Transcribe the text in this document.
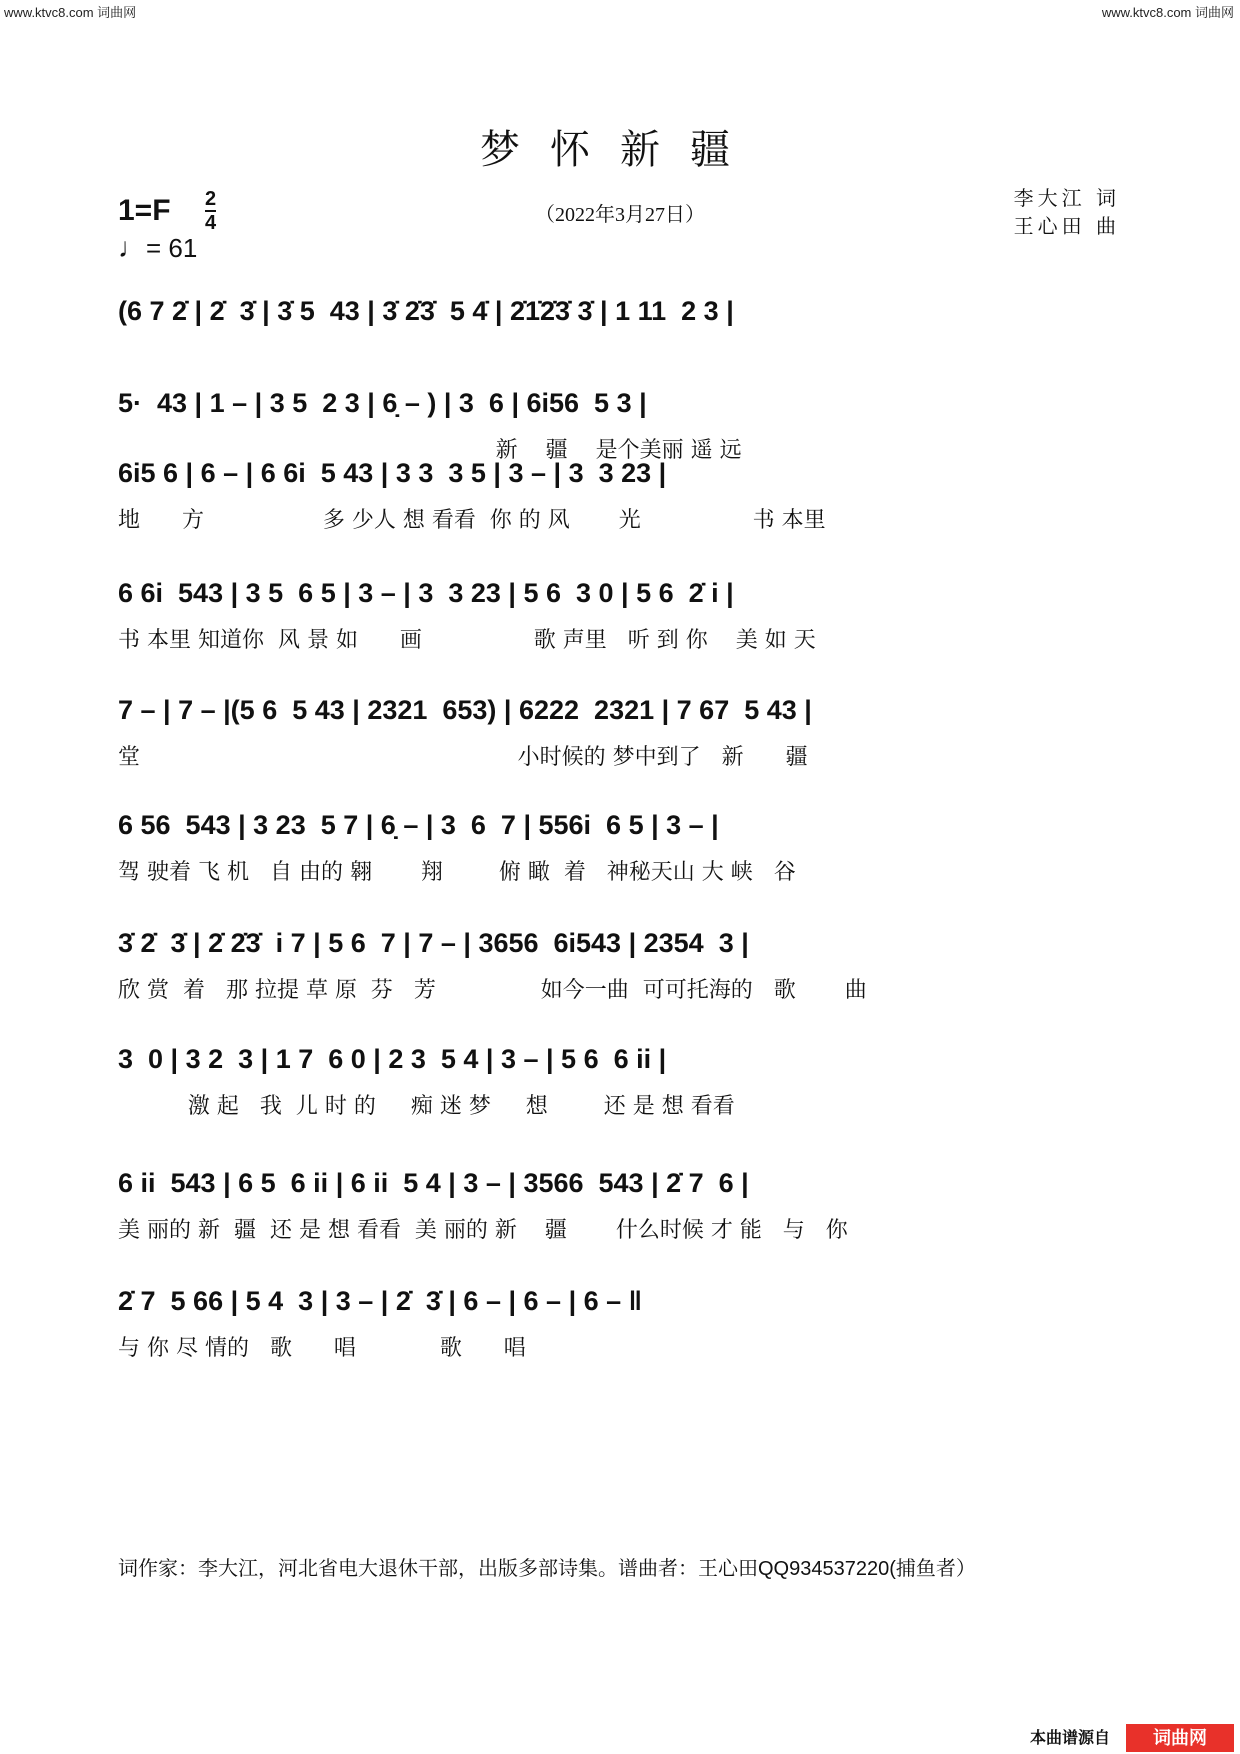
www.ktvc8.com 词曲网	www.ktvc8.com 词曲网
梦怀新疆
1=F 2
4
♩= 61
（2022年3月27日）
李大江 词
王心田 曲
(6 7 2̇ | 2̇  3̇ | 3̇ 5  43 | 3̇ 2̇3̇  5 4̇ | 2̇1̇2̇3̇ 3̇ | 1 11  2 3 |
5·  43 | 1 – | 3 5  2 3 | 6̣ – ) | 3  6 | 6i56  5 3 |
新    疆    是个美丽 遥 远
6i5 6 | 6 – | 6 6i  5 43 | 3 3  3 5 | 3 – | 3  3 23 |
地      方                 多 少人 想 看看  你 的 风       光                书 本里
6 6i  543 | 3 5  6 5 | 3 – | 3  3 23 | 5 6  3 0 | 5 6  2̇ i |
书 本里 知道你  风 景 如      画                歌 声里   听 到 你    美 如 天
7 – | 7 – |(5 6  5 43 | 2321  653) | 6222  2321 | 7 67  5 43 |
堂                                                      小时候的 梦中到了   新      疆
6 56  543 | 3 23  5 7 | 6̣ – | 3  6  7 | 556i  6 5 | 3 – |
驾 驶着 飞 机   自 由的 翱       翔        俯 瞰  着   神秘天山 大 峡   谷
3̇ 2̇  3̇ | 2̇ 2̇3̇  i 7 | 5 6  7 | 7 – | 3656  6i543 | 2354  3 |
欣 赏  着   那 拉提 草 原  芬   芳               如今一曲  可可托海的   歌       曲
3  0 | 3 2  3 | 1 7  6 0 | 2 3  5 4 | 3 – | 5 6  6 ii |
激 起   我  儿 时 的     痴 迷 梦     想        还 是 想 看看
6 ii  543 | 6 5  6 ii | 6 ii  5 4 | 3 – | 3566  543 | 2̇ 7  6 |
美 丽的 新  疆  还 是 想 看看  美 丽的 新    疆       什么时候 才 能   与   你
2̇ 7  5 66 | 5 4  3 | 3 – | 2̇  3̇ | 6 – | 6 – | 6 – ‖
与 你 尽 情的   歌      唱            歌      唱
词作家：李大江，河北省电大退休干部，出版多部诗集。谱曲者：王心田QQ934537220(捕鱼者）
本曲谱源自	词曲网
